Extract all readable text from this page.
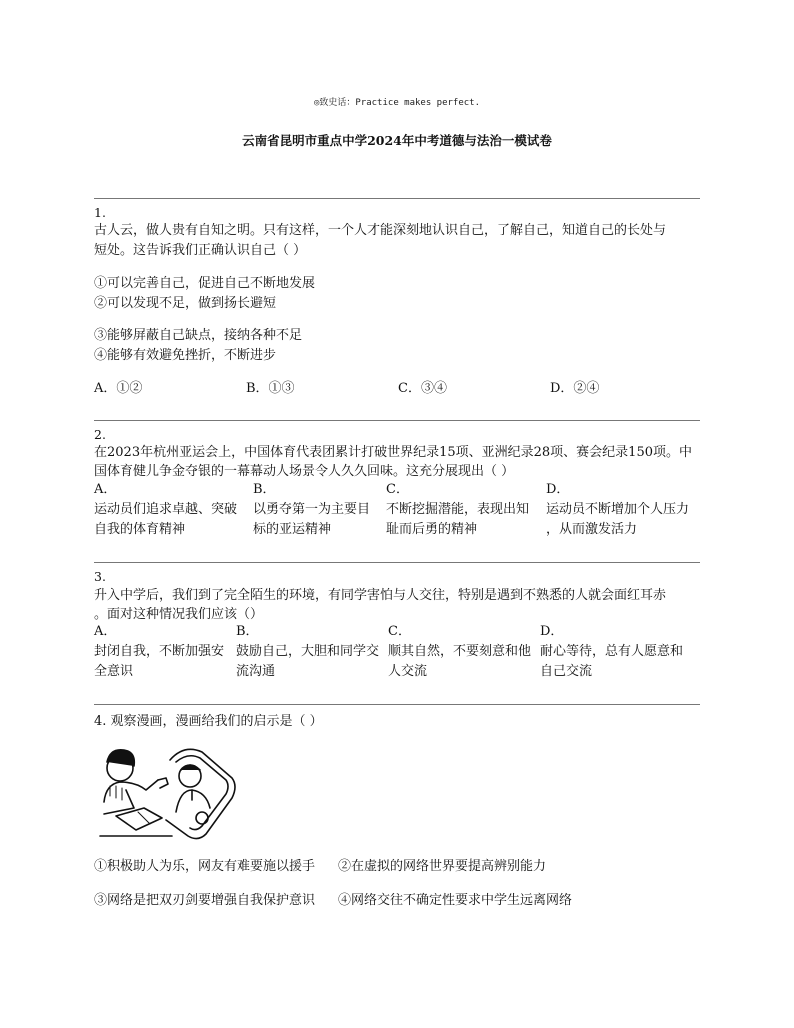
◎致史话：Practice makes perfect.
云南省昆明市重点中学2024年中考道德与法治一模试卷
1.
古人云，做人贵有自知之明。只有这样，一个人才能深刻地认识自己，了解自己，知道自己的长处与
短处。这告诉我们正确认识自己（ ）
①可以完善自己，促进自己不断地发展
②可以发现不足，做到扬长避短
③能够屏蔽自己缺点，接纳各种不足
④能够有效避免挫折，不断进步
A．①②	B．①③	C．③④	D．②④
2.
在2023年杭州亚运会上，中国体育代表团累计打破世界纪录15项、亚洲纪录28项、赛会纪录150项。中
国体育健儿争金夺银的一幕幕动人场景令人久久回味。这充分展现出（ ）
A．
运动员们追求卓越、突破
自我的体育精神
B．
以勇夺第一为主要目
标的亚运精神
C．
不断挖掘潜能，表现出知
耻而后勇的精神
D．
运动员不断增加个人压力
，从而激发活力
3.
升入中学后，我们到了完全陌生的环境，有同学害怕与人交往，特别是遇到不熟悉的人就会面红耳赤
。面对这种情况我们应该（）
A．
封闭自我，不断加强安
全意识
B．
鼓励自己，大胆和同学交
流沟通
C．
顺其自然，不要刻意和他
人交流
D．
耐心等待，总有人愿意和
自己交流
4. 观察漫画，漫画给我们的启示是（ ）
①积极助人为乐，网友有难要施以援手 ②在虚拟的网络世界要提高辨别能力
③网络是把双刃剑要增强自我保护意识 ④网络交往不确定性要求中学生远离网络
